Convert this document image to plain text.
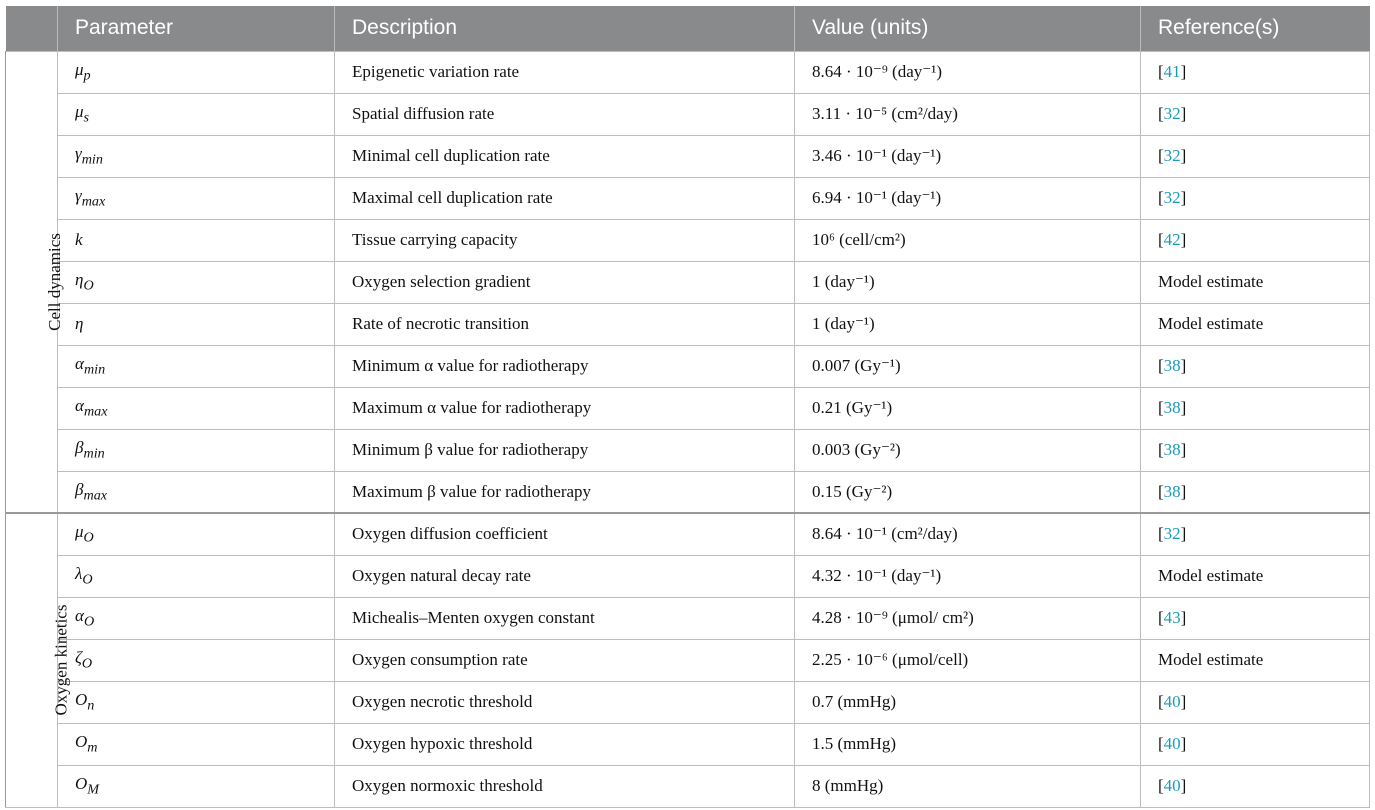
	Parameter	Description	Value (units)	Reference(s)
Cell dynamics	$\mu_p$	Epigenetic variation rate	8.64 · 10⁻⁹ (day⁻¹)	[41]
	$\mu_s$	Spatial diffusion rate	3.11 · 10⁻⁵ (cm²/day)	[32]
	$\gamma_{min}$	Minimal cell duplication rate	3.46 · 10⁻¹ (day⁻¹)	[32]
	$\gamma_{max}$	Maximal cell duplication rate	6.94 · 10⁻¹ (day⁻¹)	[32]
	k	Tissue carrying capacity	10⁶ (cell/cm²)	[42]
	$\eta_O$	Oxygen selection gradient	1 (day⁻¹)	Model estimate
	η	Rate of necrotic transition	1 (day⁻¹)	Model estimate
	$\alpha_{min}$	Minimum α value for radiotherapy	0.007 (Gy⁻¹)	[38]
	$\alpha_{max}$	Maximum α value for radiotherapy	0.21 (Gy⁻¹)	[38]
	$\beta_{min}$	Minimum β value for radiotherapy	0.003 (Gy⁻²)	[38]
	$\beta_{max}$	Maximum β value for radiotherapy	0.15 (Gy⁻²)	[38]
Oxygen kinetics	$\mu_O$	Oxygen diffusion coefficient	8.64 · 10⁻¹ (cm²/day)	[32]
	$\lambda_O$	Oxygen natural decay rate	4.32 · 10⁻¹ (day⁻¹)	Model estimate
	$\alpha_O$	Michealis–Menten oxygen constant	4.28 · 10⁻⁹ (μmol/ cm²)	[43]
	$\zeta_O$	Oxygen consumption rate	2.25 · 10⁻⁶ (μmol/cell)	Model estimate
	$O_n$	Oxygen necrotic threshold	0.7 (mmHg)	[40]
	$O_m$	Oxygen hypoxic threshold	1.5 (mmHg)	[40]
	$O_M$	Oxygen normoxic threshold	8 (mmHg)	[40]
